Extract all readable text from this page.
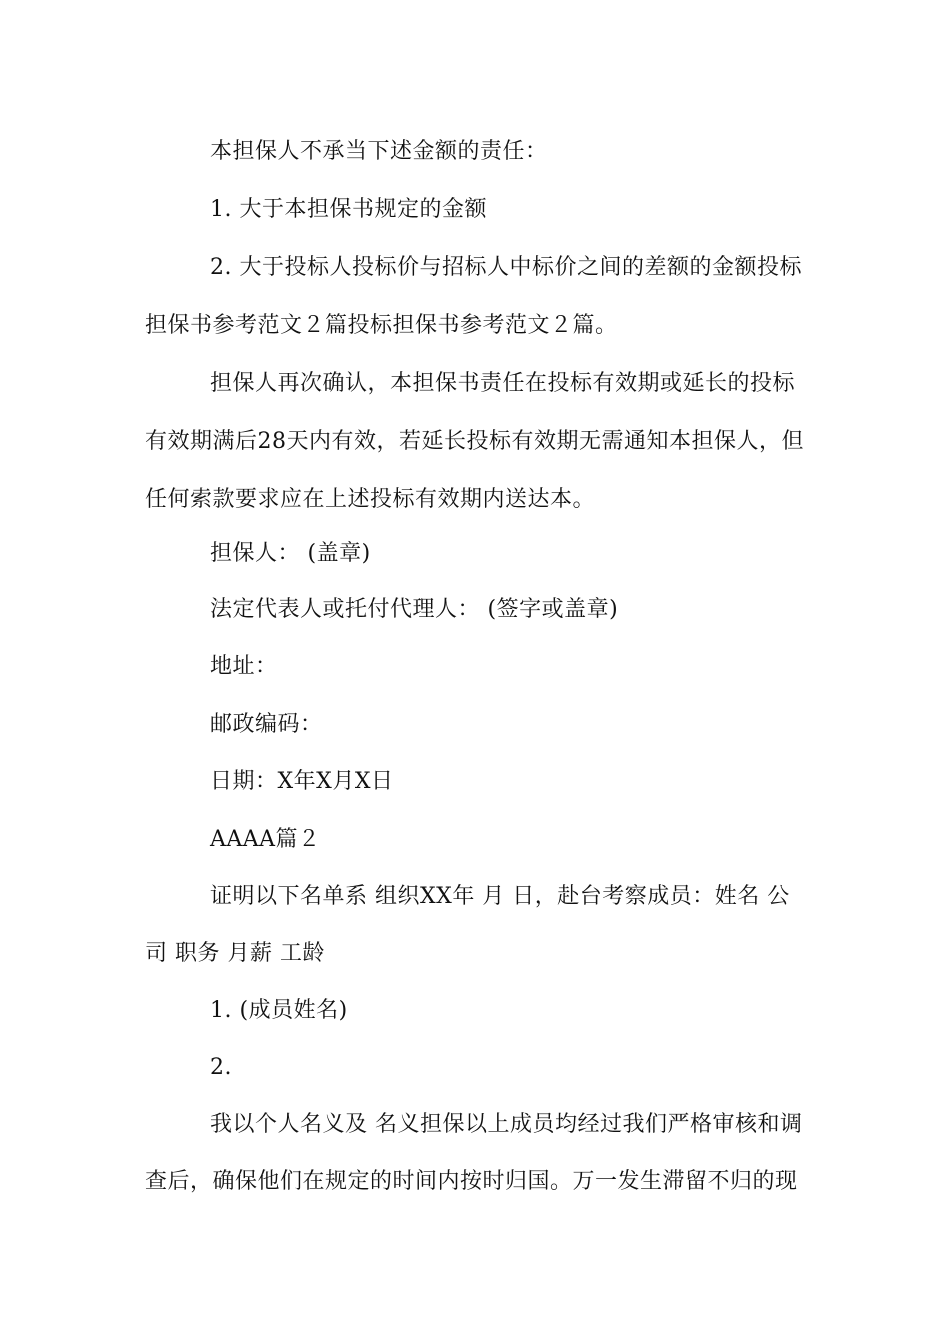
本担保人不承当下述金额的责任：
1. 大于本担保书规定的金额
2. 大于投标人投标价与招标人中标价之间的差额的金额投标
担保书参考范文２篇投标担保书参考范文２篇。
担保人再次确认，本担保书责任在投标有效期或延长的投标
有效期满后28天内有效，若延长投标有效期无需通知本担保人，但
任何索款要求应在上述投标有效期内送达本。
担保人： (盖章)
法定代表人或托付代理人： (签字或盖章)
地址：
邮政编码：
日期：X年X月X日
AAAA篇２
证明以下名单系 组织XX年 月 日，赴台考察成员：姓名 公
司 职务 月薪 工龄
1. (成员姓名)
2.
我以个人名义及 名义担保以上成员均经过我们严格审核和调
查后，确保他们在规定的时间内按时归国。万一发生滞留不归的现
